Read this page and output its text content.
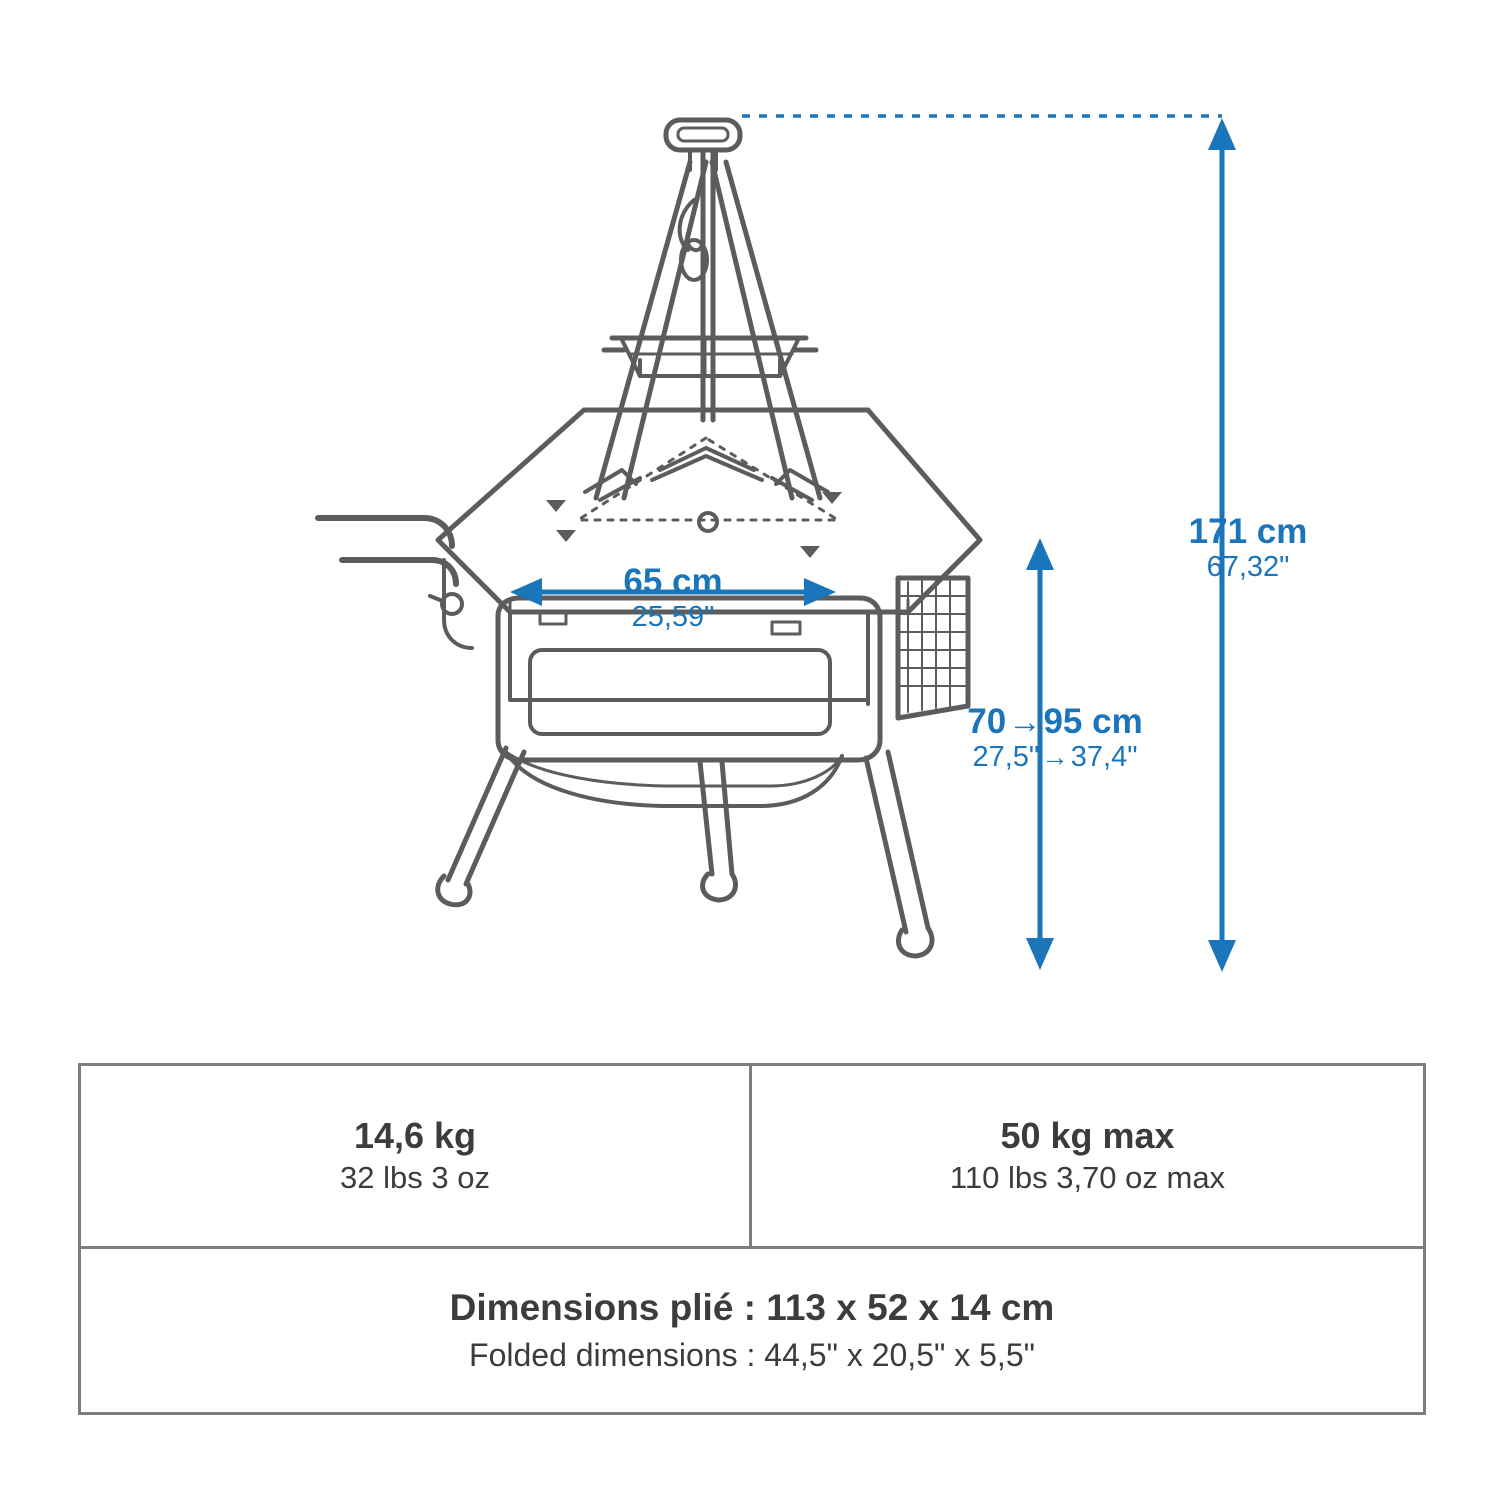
171 cm
67,32"
65 cm
25,59"
70→95 cm
27,5"→37,4"
14,6 kg
32 lbs 3 oz
50 kg max
110 lbs 3,70 oz max
Dimensions plié : 113 x 52 x 14 cm
Folded dimensions : 44,5" x 20,5" x 5,5"
